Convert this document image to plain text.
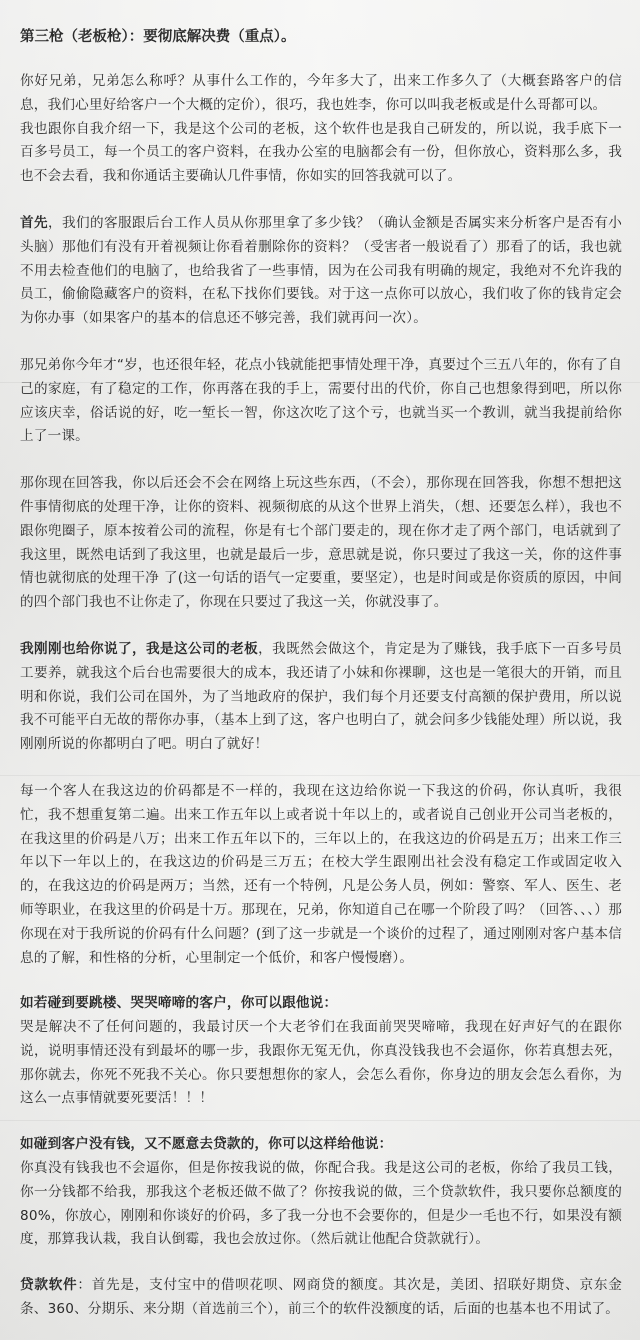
第三枪（老板枪）：要彻底解决费（重点）。

你好兄弟，兄弟怎么称呼？从事什么工作的，今年多大了，出来工作多久了（大概套路客户的信息，我们心里好给客户一个大概的定价），很巧，我也姓李，你可以叫我老板或是什么哥都可以。

我也跟你自我介绍一下，我是这个公司的老板，这个软件也是我自己研发的，所以说，我手底下一百多号员工，每一个员工的客户资料，在我办公室的电脑都会有一份，但你放心，资料那么多，我也不会去看，我和你通话主要确认几件事情，你如实的回答我就可以了。

首先，我们的客服跟后台工作人员从你那里拿了多少钱？（确认金额是否属实来分析客户是否有小头脑）那他们有没有开着视频让你看着删除你的资料？（受害者一般说看了）那看了的话，我也就不用去检查他们的电脑了，也给我省了一些事情，因为在公司我有明确的规定，我绝对不允许我的员工，偷偷隐藏客户的资料，在私下找你们要钱。对于这一点你可以放心，我们收了你的钱肯定会为你办事（如果客户的基本的信息还不够完善，我们就再问一次）。

那兄弟你今年才“岁，也还很年轻，花点小钱就能把事情处理干净，真要过个三五八年的，你有了自己的家庭，有了稳定的工作，你再落在我的手上，需要付出的代价，你自己也想象得到吧，所以你应该庆幸，俗话说的好，吃一堑长一智，你这次吃了这个亏，也就当买一个教训，就当我提前给你上了一课。

那你现在回答我，你以后还会不会在网络上玩这些东西，（不会），那你现在回答我，你想不想把这件事情彻底的处理干净，让你的资料、视频彻底的从这个世界上消失，（想、还要怎么样），我也不跟你兜圈子，原本按着公司的流程，你是有七个部门要走的，现在你才走了两个部门，电话就到了我这里，既然电话到了我这里，也就是最后一步，意思就是说，你只要过了我这一关，你的这件事情也就彻底的处理干净 了(这一句话的语气一定要重，要坚定），也是时间或是你资质的原因，中间的四个部门我也不让你走了，你现在只要过了我这一关，你就没事了。

我刚刚也给你说了，我是这公司的老板，我既然会做这个，肯定是为了赚钱，我手底下一百多号员工要养，就我这个后台也需要很大的成本，我还请了小妹和你裸聊，这也是一笔很大的开销，而且明和你说，我们公司在国外，为了当地政府的保护，我们每个月还要支付高额的保护费用，所以说我不可能平白无故的帮你办事，（基本上到了这，客户也明白了，就会问多少钱能处理）所以说，我刚刚所说的你都明白了吧。明白了就好！

每一个客人在我这边的价码都是不一样的，我现在这边给你说一下我这的价码，你认真听，我很忙，我不想重复第二遍。出来工作五年以上或者说十年以上的，或者说自己创业开公司当老板的，在我这里的价码是八万；出来工作五年以下的，三年以上的，在我这边的价码是五万；出来工作三年以下一年以上的，在我这边的价码是三万五；在校大学生跟刚出社会没有稳定工作或固定收入的，在我这边的价码是两万；当然，还有一个特例，凡是公务人员，例如：警察、军人、医生、老师等职业，在我这里的价码是十万。那现在，兄弟，你知道自己在哪一个阶段了吗？（回答、、、）那你现在对于我所说的价码有什么问题？(到了这一步就是一个谈价的过程了，通过刚刚对客户基本信息的了解，和性格的分析，心里制定一个低价，和客户慢慢磨）。

如若碰到要跳楼、哭哭啼啼的客户，你可以跟他说：

哭是解决不了任何问题的，我最讨厌一个大老爷们在我面前哭哭啼啼，我现在好声好气的在跟你说，说明事情还没有到最坏的哪一步，我跟你无冤无仇，你真没钱我也不会逼你，你若真想去死，那你就去，你死不死我不关心。你只要想想你的家人，会怎么看你，你身边的朋友会怎么看你，为这么一点事情就要死要活！！！

如碰到客户没有钱，又不愿意去贷款的，你可以这样给他说：

你真没有钱我也不会逼你，但是你按我说的做，你配合我。我是这公司的老板，你给了我员工钱，你一分钱都不给我，那我这个老板还做不做了？你按我说的做，三个贷款软件，我只要你总额度的80%，你放心，刚刚和你谈好的价码，多了我一分也不会要你的，但是少一毛也不行，如果没有额度，那算我认栽，我自认倒霉，我也会放过你。（然后就让他配合贷款就行）。

贷款软件：首先是，支付宝中的借呗花呗、网商贷的额度。其次是，美团、招联好期贷、京东金条、360、分期乐、来分期（首选前三个），前三个的软件没额度的话，后面的也基本也不用试了。
